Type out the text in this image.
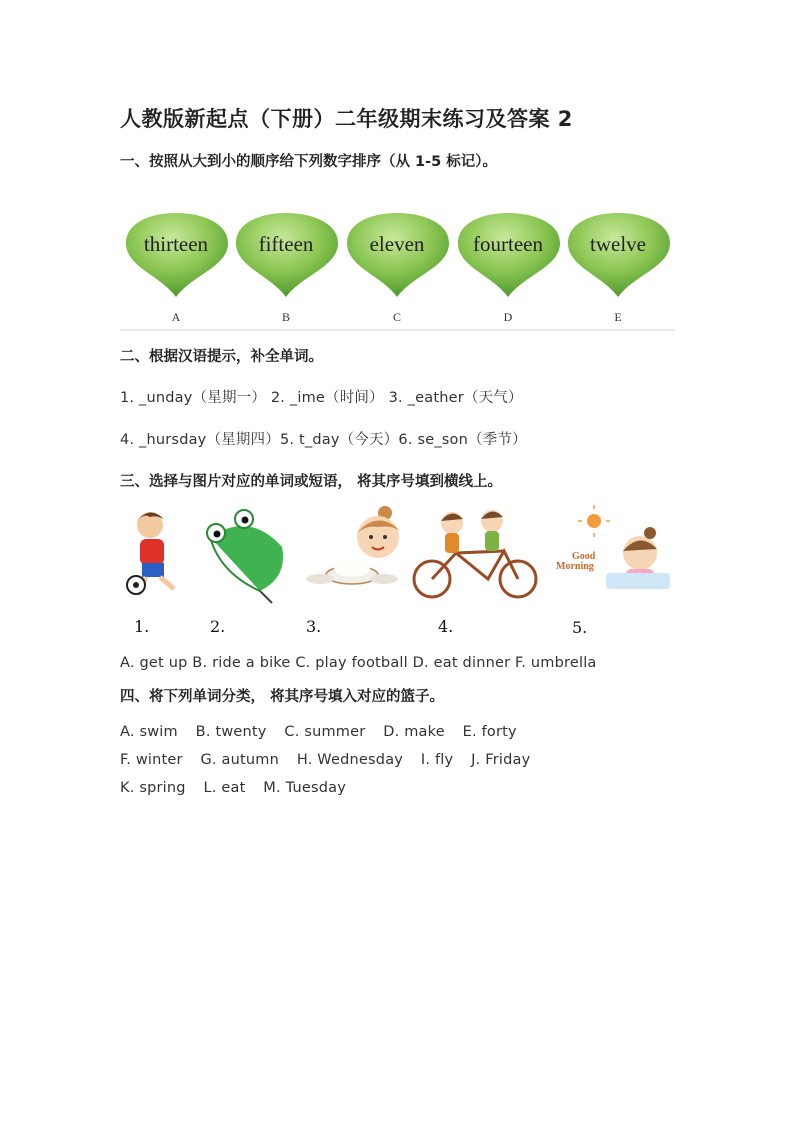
人教版新起点（下册）二年级期末练习及答案 2
一、按照从大到小的顺序给下列数字排序（从 1-5 标记）。
thirteen
A
fifteen
B
eleven
C
fourteen
D
twelve
E
二、根据汉语提示，补全单词。
1. _unday（星期一） 2. _ime（时间） 3. _eather（天气）
4. _hursday（星期四）5. t_day（今天）6. se_son（季节）
三、选择与图片对应的单词或短语， 将其序号填到横线上。
1.	2.	3.	4.
Good
Morning
5.
A. get up B. ride a bike C. play football D. eat dinner F. umbrella
四、将下列单词分类， 将其序号填入对应的篮子。
A. swim B. twenty C. summer D. make E. forty
F. winter G. autumn H. Wednesday I. fly J. Friday
K. spring L. eat M. Tuesday
